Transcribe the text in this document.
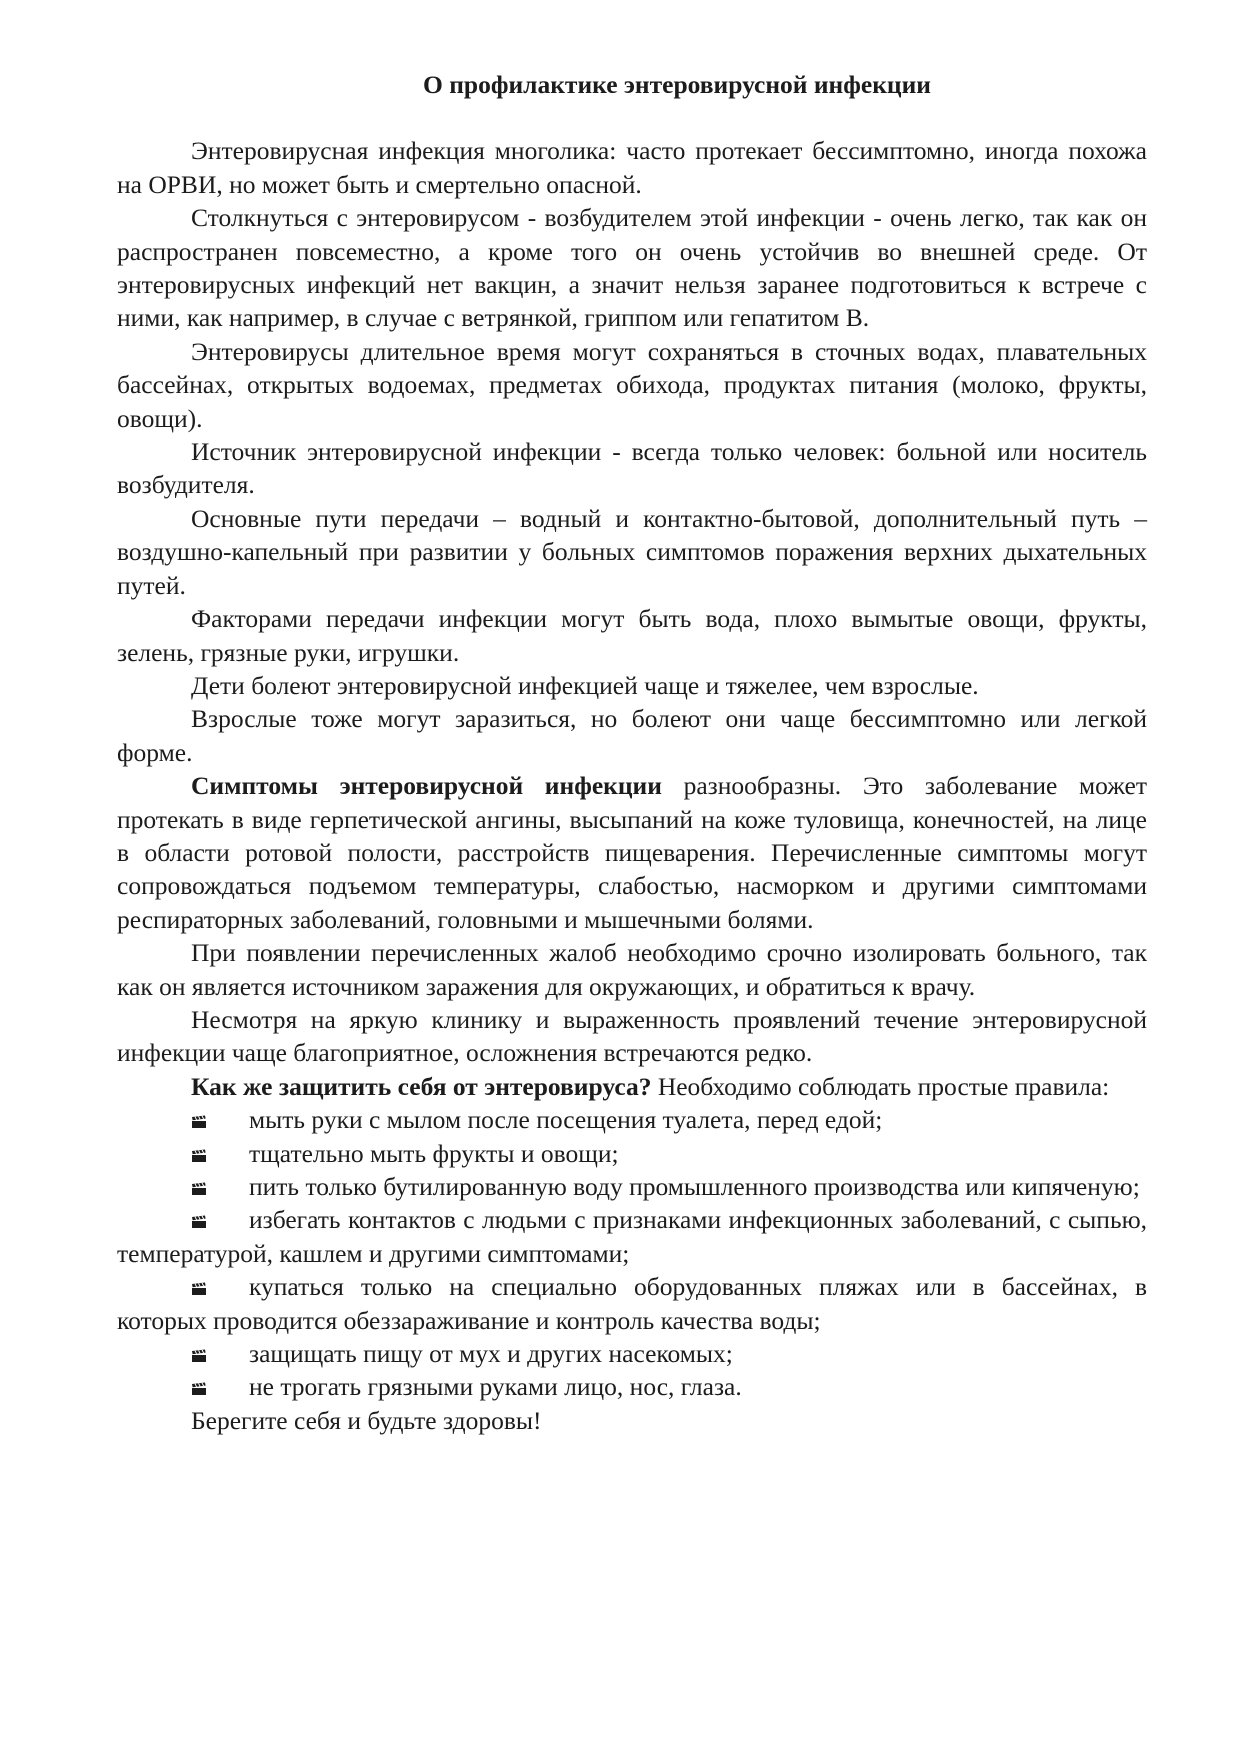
О профилактике энтеровирусной инфекции

Энтеровирусная инфекция многолика: часто протекает бессимптомно, иногда похожа на ОРВИ, но может быть и смертельно опасной.

Столкнуться с энтеровирусом - возбудителем этой инфекции - очень легко, так как он распространен повсеместно, а кроме того он очень устойчив во внешней среде. От энтеровирусных инфекций нет вакцин, а значит нельзя заранее подготовиться к встрече с ними, как например, в случае с ветрянкой, гриппом или гепатитом В.

Энтеровирусы длительное время могут сохраняться в сточных водах, плавательных бассейнах, открытых водоемах, предметах обихода, продуктах питания (молоко, фрукты, овощи).

Источник энтеровирусной инфекции - всегда только человек: больной или носитель возбудителя.

Основные пути передачи – водный и контактно-бытовой, дополнительный путь – воздушно-капельный при развитии у больных симптомов поражения верхних дыхательных путей.

Факторами передачи инфекции могут быть вода, плохо вымытые овощи, фрукты, зелень, грязные руки, игрушки.

Дети болеют энтеровирусной инфекцией чаще и тяжелее, чем взрослые.

Взрослые тоже могут заразиться, но болеют они чаще бессимптомно или легкой форме.

Симптомы энтеровирусной инфекции разнообразны. Это заболевание может протекать в виде герпетической ангины, высыпаний на коже туловища, конечностей, на лице в области ротовой полости, расстройств пищеварения. Перечисленные симптомы могут сопровождаться подъемом температуры, слабостью, насморком и другими симптомами респираторных заболеваний, головными и мышечными болями.

При появлении перечисленных жалоб необходимо срочно изолировать больного, так как он является источником заражения для окружающих, и обратиться к врачу.

Несмотря на яркую клинику и выраженность проявлений течение энтеровирусной инфекции чаще благоприятное, осложнения встречаются редко.

Как же защитить себя от энтеровируса? Необходимо соблюдать простые правила:

мыть руки с мылом после посещения туалета, перед едой;

тщательно мыть фрукты и овощи;

пить только бутилированную воду промышленного производства или кипяченую;

избегать контактов с людьми с признаками инфекционных заболеваний, с сыпью, температурой, кашлем и другими симптомами;

купаться только на специально оборудованных пляжах или в бассейнах, в которых проводится обеззараживание и контроль качества воды;

защищать пищу от мух и других насекомых;

не трогать грязными руками лицо, нос, глаза.

Берегите себя и будьте здоровы!
